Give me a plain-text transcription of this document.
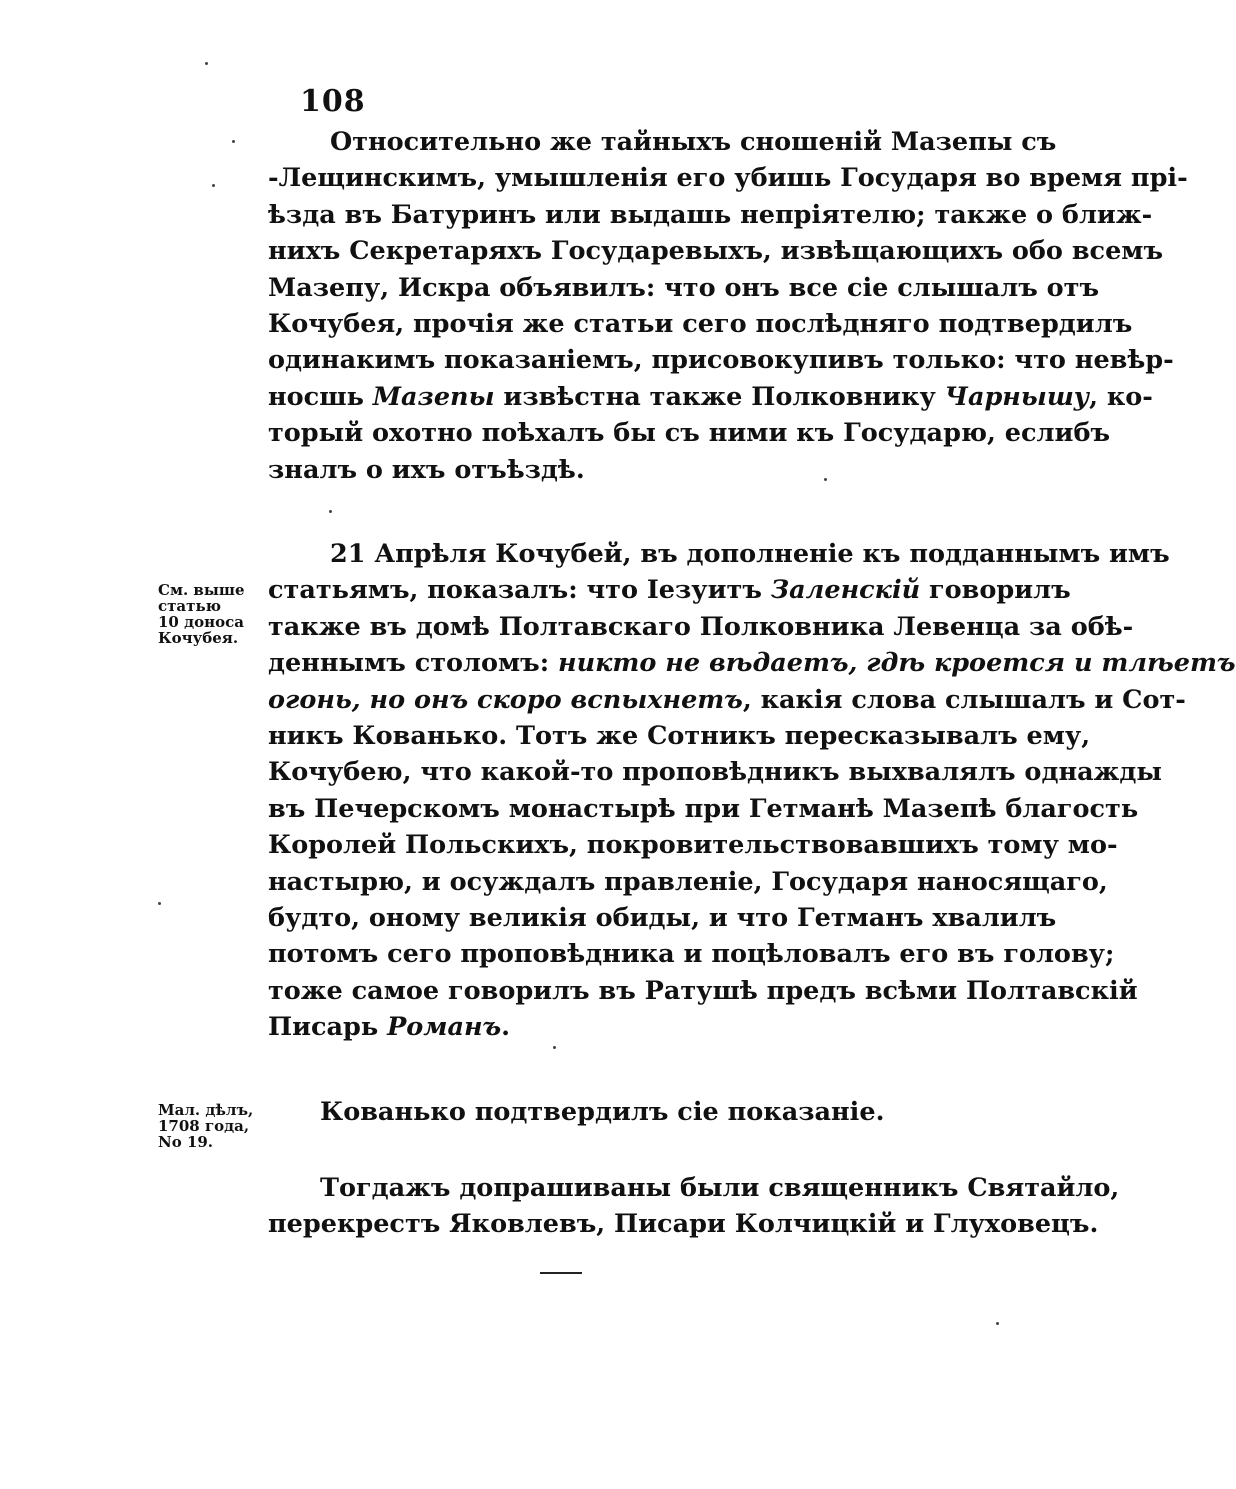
108

Относительно же тайныхъ сношеній Мазепы съ
-Лещинскимъ, умышленія его убишь Государя во время прі-
ѣзда въ Батуринъ или выдашь непріятелю; также о ближ-
нихъ Секретаряхъ Государевыхъ, извѣщающихъ обо всемъ
Мазепу, Искра объявилъ: что онъ все сіе слышалъ отъ
Кочубея, прочія же статьи сего послѣдняго подтвердилъ
одинакимъ показаніемъ, присовокупивъ только: что невѣр-
носшь Мазепы извѣстна также Полковнику Чарнышу, ко-
торый охотно поѣхалъ бы съ ними къ Государю, еслибъ
зналъ о ихъ отъѣздѣ.

См. выше
статью
10 доноса
Кочубея.

21 Апрѣля Кочубей, въ дополненіе къ подданнымъ имъ
статьямъ, показалъ: что Іезуитъ Заленскій говорилъ
также въ домѣ Полтавскаго Полковника Левенца за обѣ-
деннымъ столомъ: никто не вѣдаетъ, гдѣ кроется и тлѣетъ
огонь, но онъ скоро вспыхнетъ, какія слова слышалъ и Сот-
никъ Кованько. Тотъ же Сотникъ пересказывалъ ему,
Кочубею, что какой-то проповѣдникъ выхвалялъ однажды
въ Печерскомъ монастырѣ при Гетманѣ Мазепѣ благость
Королей Польскихъ, покровительствовавшихъ тому мо-
настырю, и осуждалъ правленіе, Государя наносящаго,
будто, оному великія обиды, и что Гетманъ хвалилъ
потомъ сего проповѣдника и поцѣловалъ его въ голову;
тоже самое говорилъ въ Ратушѣ предъ всѣми Полтавскій
Писарь Романъ.

Мал. дѣлъ,
1708 года,
No 19.

Кованько подтвердилъ сіе показаніе.

Тогдажъ допрашиваны были священникъ Святайло,
перекрестъ Яковлевъ, Писари Колчицкій и Глуховецъ.
